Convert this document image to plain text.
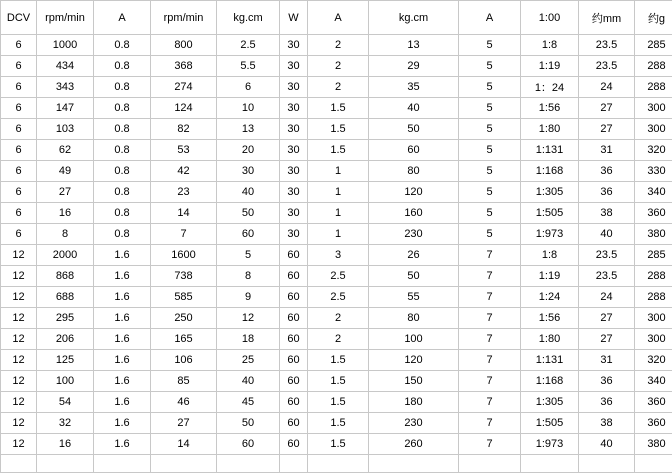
DCV	rpm/min	A	rpm/min	kg.cm	W	A	kg.cm	A	1:00	约mm	约g
6	1000	0.8	800	2.5	30	2	13	5	1:8	23.5	285
6	434	0.8	368	5.5	30	2	29	5	1:19	23.5	288
6	343	0.8	274	6	30	2	35	5	1：24	24	288
6	147	0.8	124	10	30	1.5	40	5	1:56	27	300
6	103	0.8	82	13	30	1.5	50	5	1:80	27	300
6	62	0.8	53	20	30	1.5	60	5	1:131	31	320
6	49	0.8	42	30	30	1	80	5	1:168	36	330
6	27	0.8	23	40	30	1	120	5	1:305	36	340
6	16	0.8	14	50	30	1	160	5	1:505	38	360
6	8	0.8	7	60	30	1	230	5	1:973	40	380
12	2000	1.6	1600	5	60	3	26	7	1:8	23.5	285
12	868	1.6	738	8	60	2.5	50	7	1:19	23.5	288
12	688	1.6	585	9	60	2.5	55	7	1:24	24	288
12	295	1.6	250	12	60	2	80	7	1:56	27	300
12	206	1.6	165	18	60	2	100	7	1:80	27	300
12	125	1.6	106	25	60	1.5	120	7	1:131	31	320
12	100	1.6	85	40	60	1.5	150	7	1:168	36	340
12	54	1.6	46	45	60	1.5	180	7	1:305	36	360
12	32	1.6	27	50	60	1.5	230	7	1:505	38	360
12	16	1.6	14	60	60	1.5	260	7	1:973	40	380
